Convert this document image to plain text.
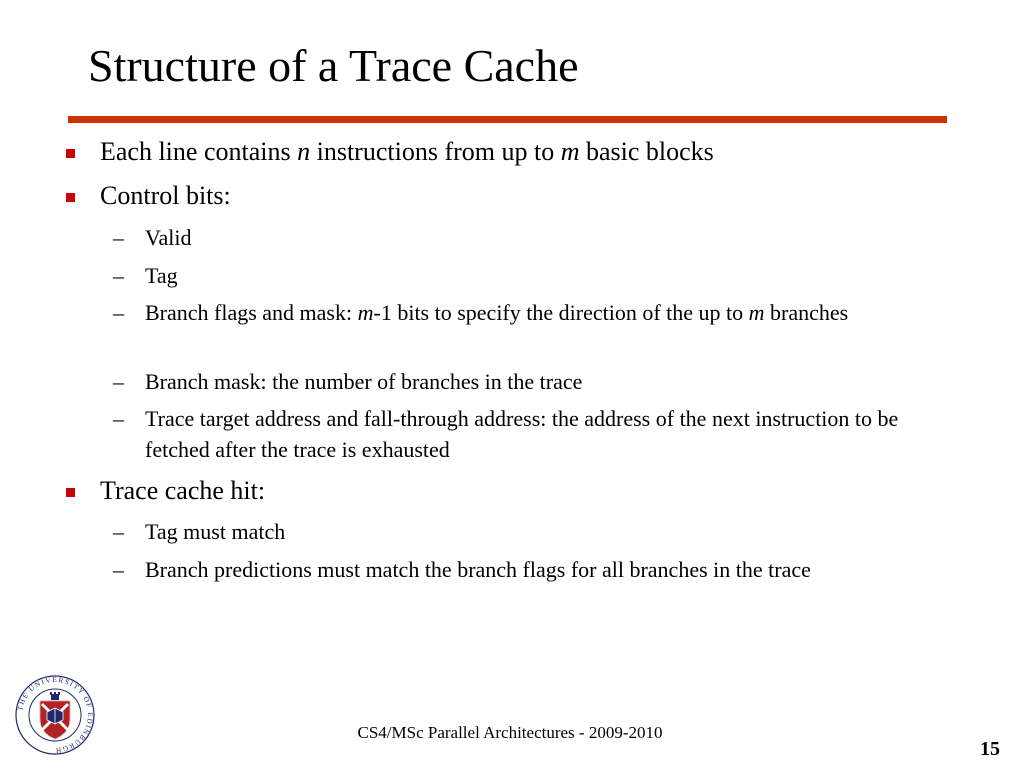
Structure of a Trace Cache
Each line contains n instructions from up to m basic blocks
Control bits:
– Valid
– Tag
– Branch flags and mask: m-1 bits to specify the direction of the up to m branches
– Branch mask: the number of branches in the trace
– Trace target address and fall-through address: the address of the next instruction to be fetched after the trace is exhausted
Trace cache hit:
– Tag must match
– Branch predictions must match the branch flags for all branches in the trace
THE UNIVERSITY OF EDINBURGH
CS4/MSc Parallel Architectures - 2009-2010
15
